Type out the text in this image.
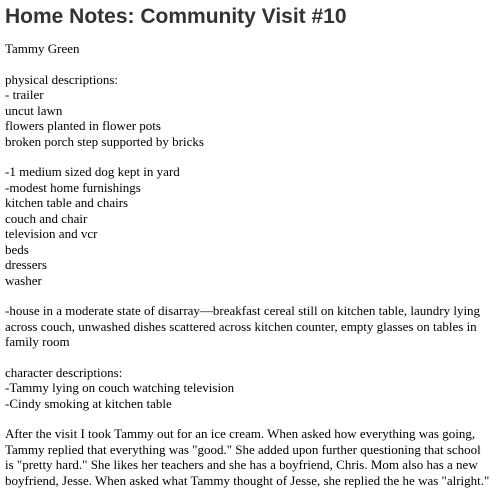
Home Notes: Community Visit #10
Tammy Green
physical descriptions:
- trailer
uncut lawn
flowers planted in flower pots
broken porch step supported by bricks
-1 medium sized dog kept in yard
-modest home furnishings
kitchen table and chairs
couch and chair
television and vcr
beds
dressers
washer
-house in a moderate state of disarray—breakfast cereal still on kitchen table, laundry lying
across couch, unwashed dishes scattered across kitchen counter, empty glasses on tables in
family room
character descriptions:
-Tammy lying on couch watching television
-Cindy smoking at kitchen table
After the visit I took Tammy out for an ice cream. When asked how everything was going,
Tammy replied that everything was "good." She added upon further questioning that school
is "pretty hard." She likes her teachers and she has a boyfriend, Chris. Mom also has a new
boyfriend, Jesse. When asked what Tammy thought of Jesse, she replied the he was "alright."
